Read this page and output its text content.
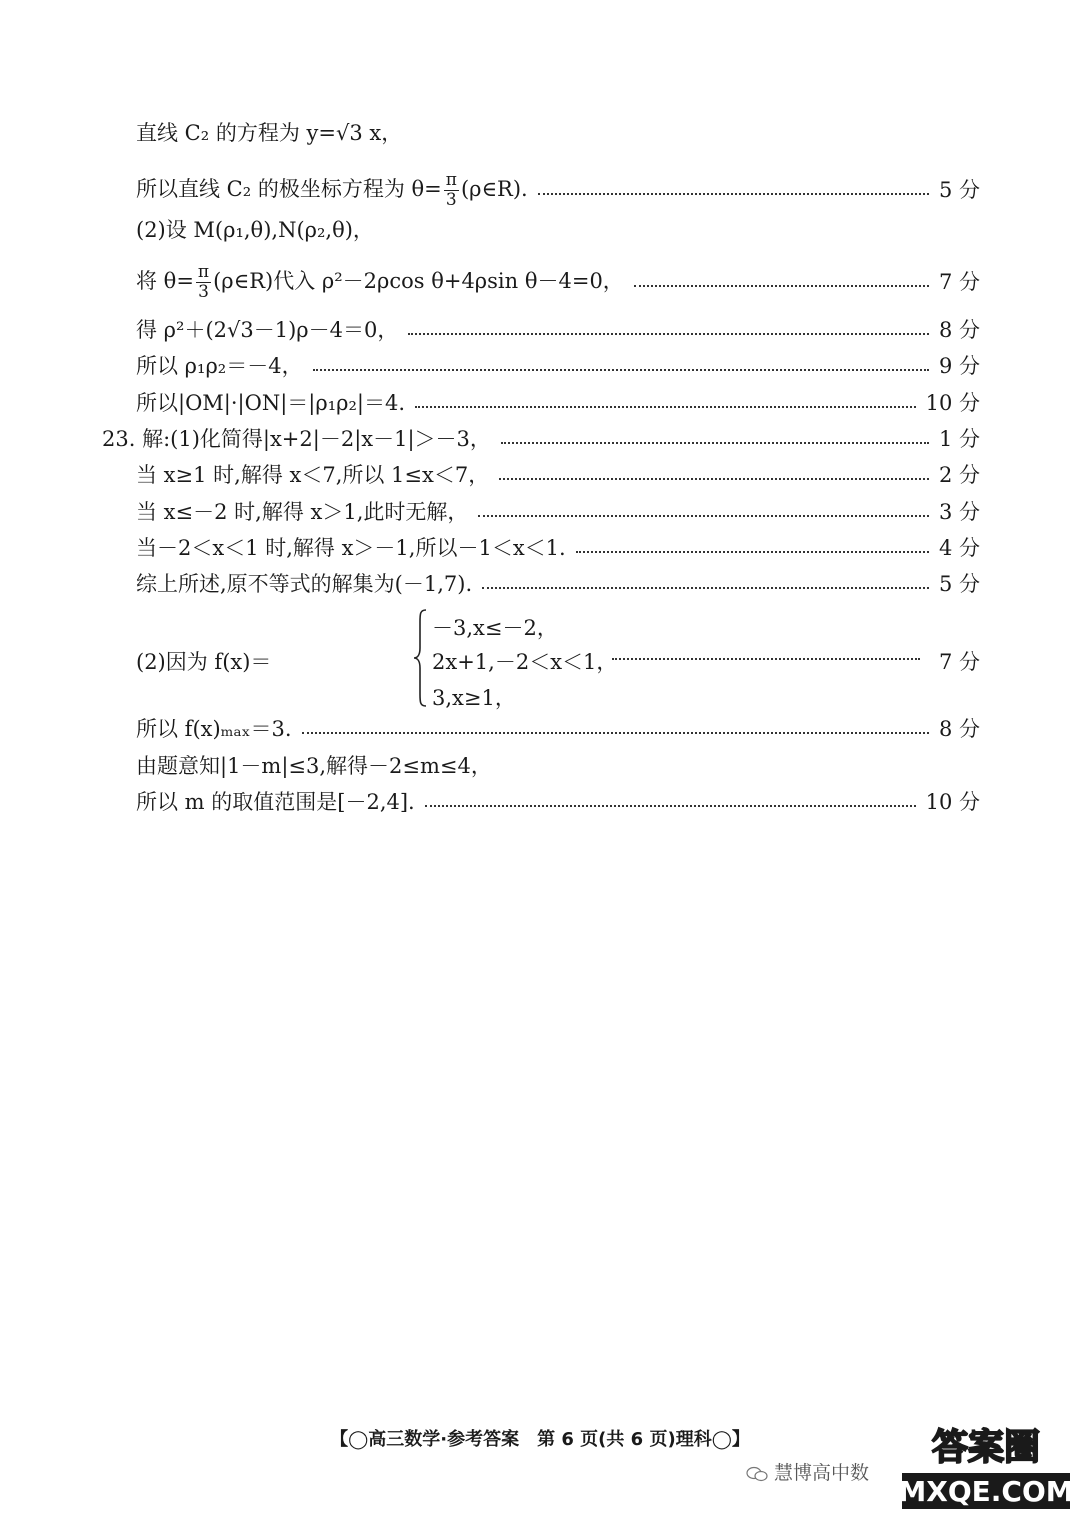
直线 C₂ 的方程为 y=√3 x，
所以直线 C₂ 的极坐标方程为 $\theta= \frac{\pi}{3}$ (ρ∈R).	5 分
(2)设 M(ρ₁,θ),N(ρ₂,θ)，
将 $\theta= \frac{\pi}{3}$ (ρ∈R)代入 ρ²－2ρcos θ+4ρsin θ－4=0，	7 分
得 ρ²＋(2√3－1)ρ－4＝0，	8 分
所以 ρ₁ρ₂＝－4，	9 分
所以|OM|·|ON|＝|ρ₁ρ₂|＝4.	10 分
23. 解:(1)化简得|x+2|－2|x－1|＞－3，	1 分
当 x≥1 时,解得 x＜7,所以 1≤x＜7，	2 分
当 x≤－2 时,解得 x＞1,此时无解，	3 分
当－2＜x＜1 时,解得 x＞－1,所以－1＜x＜1.	4 分
综上所述,原不等式的解集为(－1,7).	5 分
(2)因为 f(x)＝
－3,x≤－2，
2x+1,－2＜x＜1，
3,x≥1，
7 分
所以 f(x)ₘₐₓ＝3.	8 分
由题意知|1－m|≤3,解得－2≤m≤4，
所以 m 的取值范围是[－2,4].	10 分
【◯高三数学·参考答案　第 6 页(共 6 页)理科◯】
慧博高中数
答案圈
MXQE.COM
